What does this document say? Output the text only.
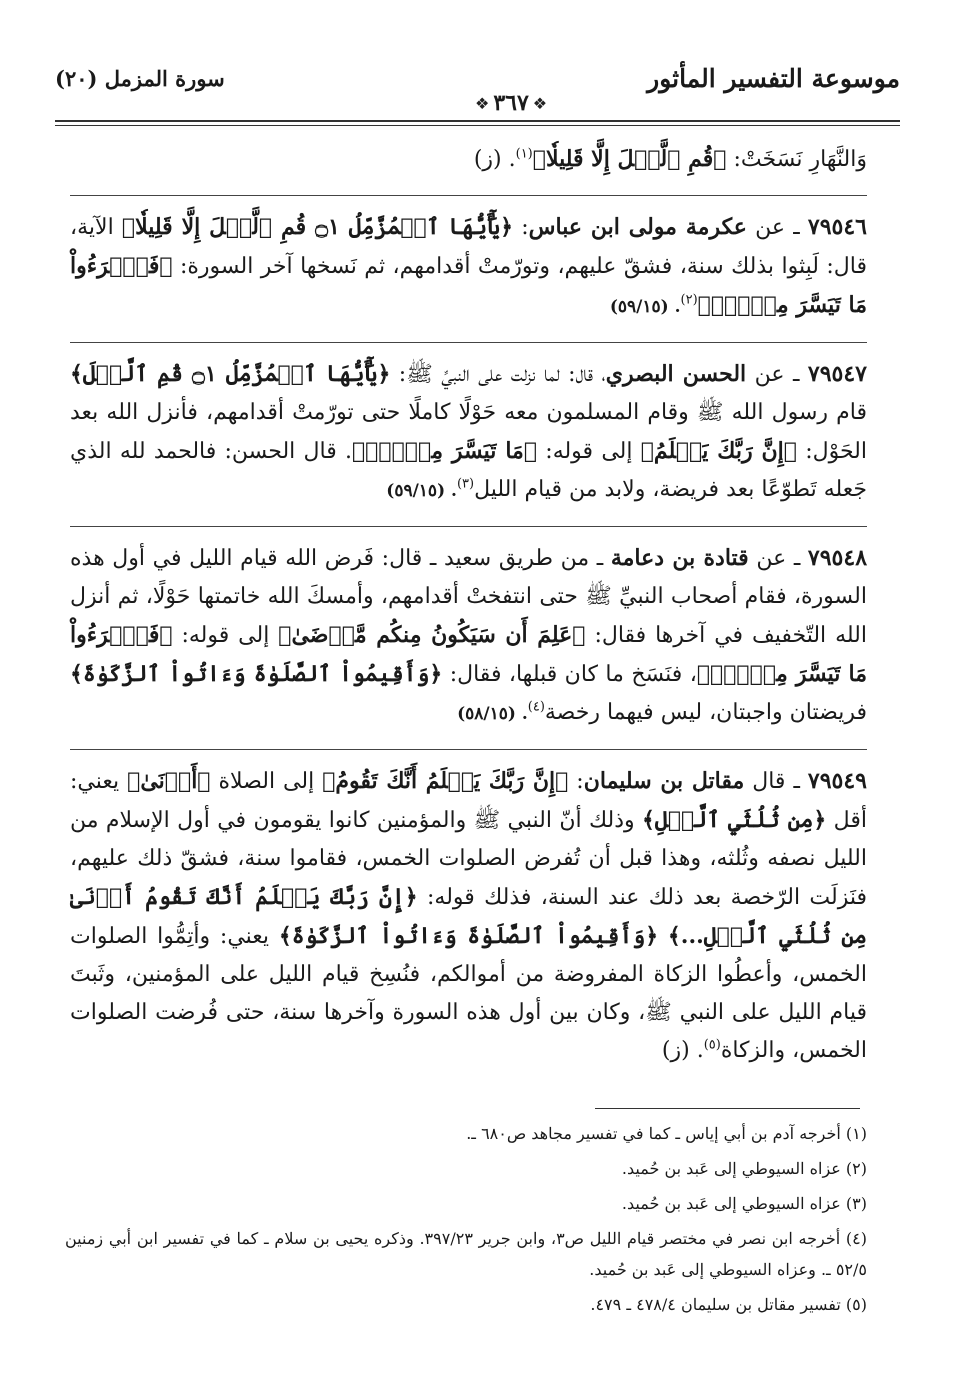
موسوعة التفسير المأثور
سورة المزمل (٢٠)
❖ ٣٦٧ ❖

وَالنَّهَارِ نَسَخَتْ: ﴿قُمِ ٱلَّيۡلَ إِلَّا قَلِيلٗا﴾$^{(١)}$. (ز)

٧٩٥٤٦ ـ عن عكرمة مولى ابن عباس: ﴿يَٰٓأَيُّهَا ٱلۡمُزَّمِّلُ ۝١ قُمِ ٱلَّيۡلَ إِلَّا قَلِيلٗا﴾ الآية، قال: لَبِثوا بذلك سنة، فشقّ عليهم، وتورّمتْ أقدامهم، ثم نَسخها آخر السورة: ﴿فَٱقۡرَءُواْ مَا تَيَسَّرَ مِنۡهُۚ﴾$^{(٢)}$. (٥٩/١٥)

٧٩٥٤٧ ـ عن الحسن البصري، قال: لما نزلت على النبيِّ ﷺ: ﴿يَٰٓأَيُّهَا ٱلۡمُزَّمِّلُ ۝١ قُمِ ٱلَّيۡلَ﴾ قام رسول الله ﷺ وقام المسلمون معه حَوْلًا كاملًا حتى تورّمتْ أقدامهم، فأنزل الله بعد الحَوْل: ﴿إِنَّ رَبَّكَ يَعۡلَمُ﴾ إلى قوله: ﴿مَا تَيَسَّرَ مِنۡهُۚ﴾. قال الحسن: فالحمد لله الذي جَعله تَطوّعًا بعد فريضة، ولابد من قيام الليل$^{(٣)}$. (٥٩/١٥)

٧٩٥٤٨ ـ عن قتادة بن دعامة ـ من طريق سعيد ـ قال: فَرض الله قيام الليل في أول هذه السورة، فقام أصحاب النبيِّ ﷺ حتى انتفختْ أقدامهم، وأمسكَ الله خاتمتها حَوْلًا، ثم أنزل الله التّخفيف في آخرها فقال: ﴿عَلِمَ أَن سَيَكُونُ مِنكُم مَّرۡضَىٰ﴾ إلى قوله: ﴿فَٱقۡرَءُواْ مَا تَيَسَّرَ مِنۡهُۚ﴾، فنَسَخ ما كان قبلها، فقال: ﴿وَأَقِيمُواْ ٱلصَّلَوٰةَ وَءَاتُواْ ٱلزَّكَوٰةَ﴾ فريضتان واجبتان، ليس فيهما رخصة$^{(٤)}$. (٥٨/١٥)

٧٩٥٤٩ ـ قال مقاتل بن سليمان: ﴿إِنَّ رَبَّكَ يَعۡلَمُ أَنَّكَ تَقُومُ﴾ إلى الصلاة ﴿أَدۡنَىٰ﴾ يعني: أقل ﴿مِن ثُلُثَيِ ٱلَّيۡلِ﴾ وذلك أنّ النبي ﷺ والمؤمنين كانوا يقومون في أول الإسلام من الليل نصفه وثُلثه، وهذا قبل أن تُفرض الصلوات الخمس، فقاموا سنة، فشقّ ذلك عليهم، فنَزلَت الرّخصة بعد ذلك عند السنة، فذلك قوله: ﴿إِنَّ رَبَّكَ يَعۡلَمُ أَنَّكَ تَقُومُ أَدۡنَىٰ مِن ثُلُثَيِ ٱلَّيۡلِ...﴾ ﴿وَأَقِيمُواْ ٱلصَّلَوٰةَ وَءَاتُواْ ٱلزَّكَوٰةَ﴾ يعني: وأتِمُّوا الصلوات الخمس، وأعطُوا الزكاة المفروضة من أموالكم، فنُسِخ قيام الليل على المؤمنين، وثَبتَ قيام الليل على النبي ﷺ، وكان بين أول هذه السورة وآخرها سنة، حتى فُرضت الصلوات الخمس، والزكاة$^{(٥)}$. (ز)

(١) أخرجه آدم بن أبي إياس ـ كما في تفسير مجاهد ص٦٨٠ ـ.

(٢) عزاه السيوطي إلى عَبد بن حُميد.

(٣) عزاه السيوطي إلى عَبد بن حُميد.

(٤) أخرجه ابن نصر في مختصر قيام الليل ص٣، وابن جرير ٣٩٧/٢٣. وذكره يحيى بن سلام ـ كما في تفسير ابن أبي زمنين ٥٢/٥ ـ. وعزاه السيوطي إلى عَبد بن حُميد.

(٥) تفسير مقاتل بن سليمان ٤٧٨/٤ ـ ٤٧٩.
